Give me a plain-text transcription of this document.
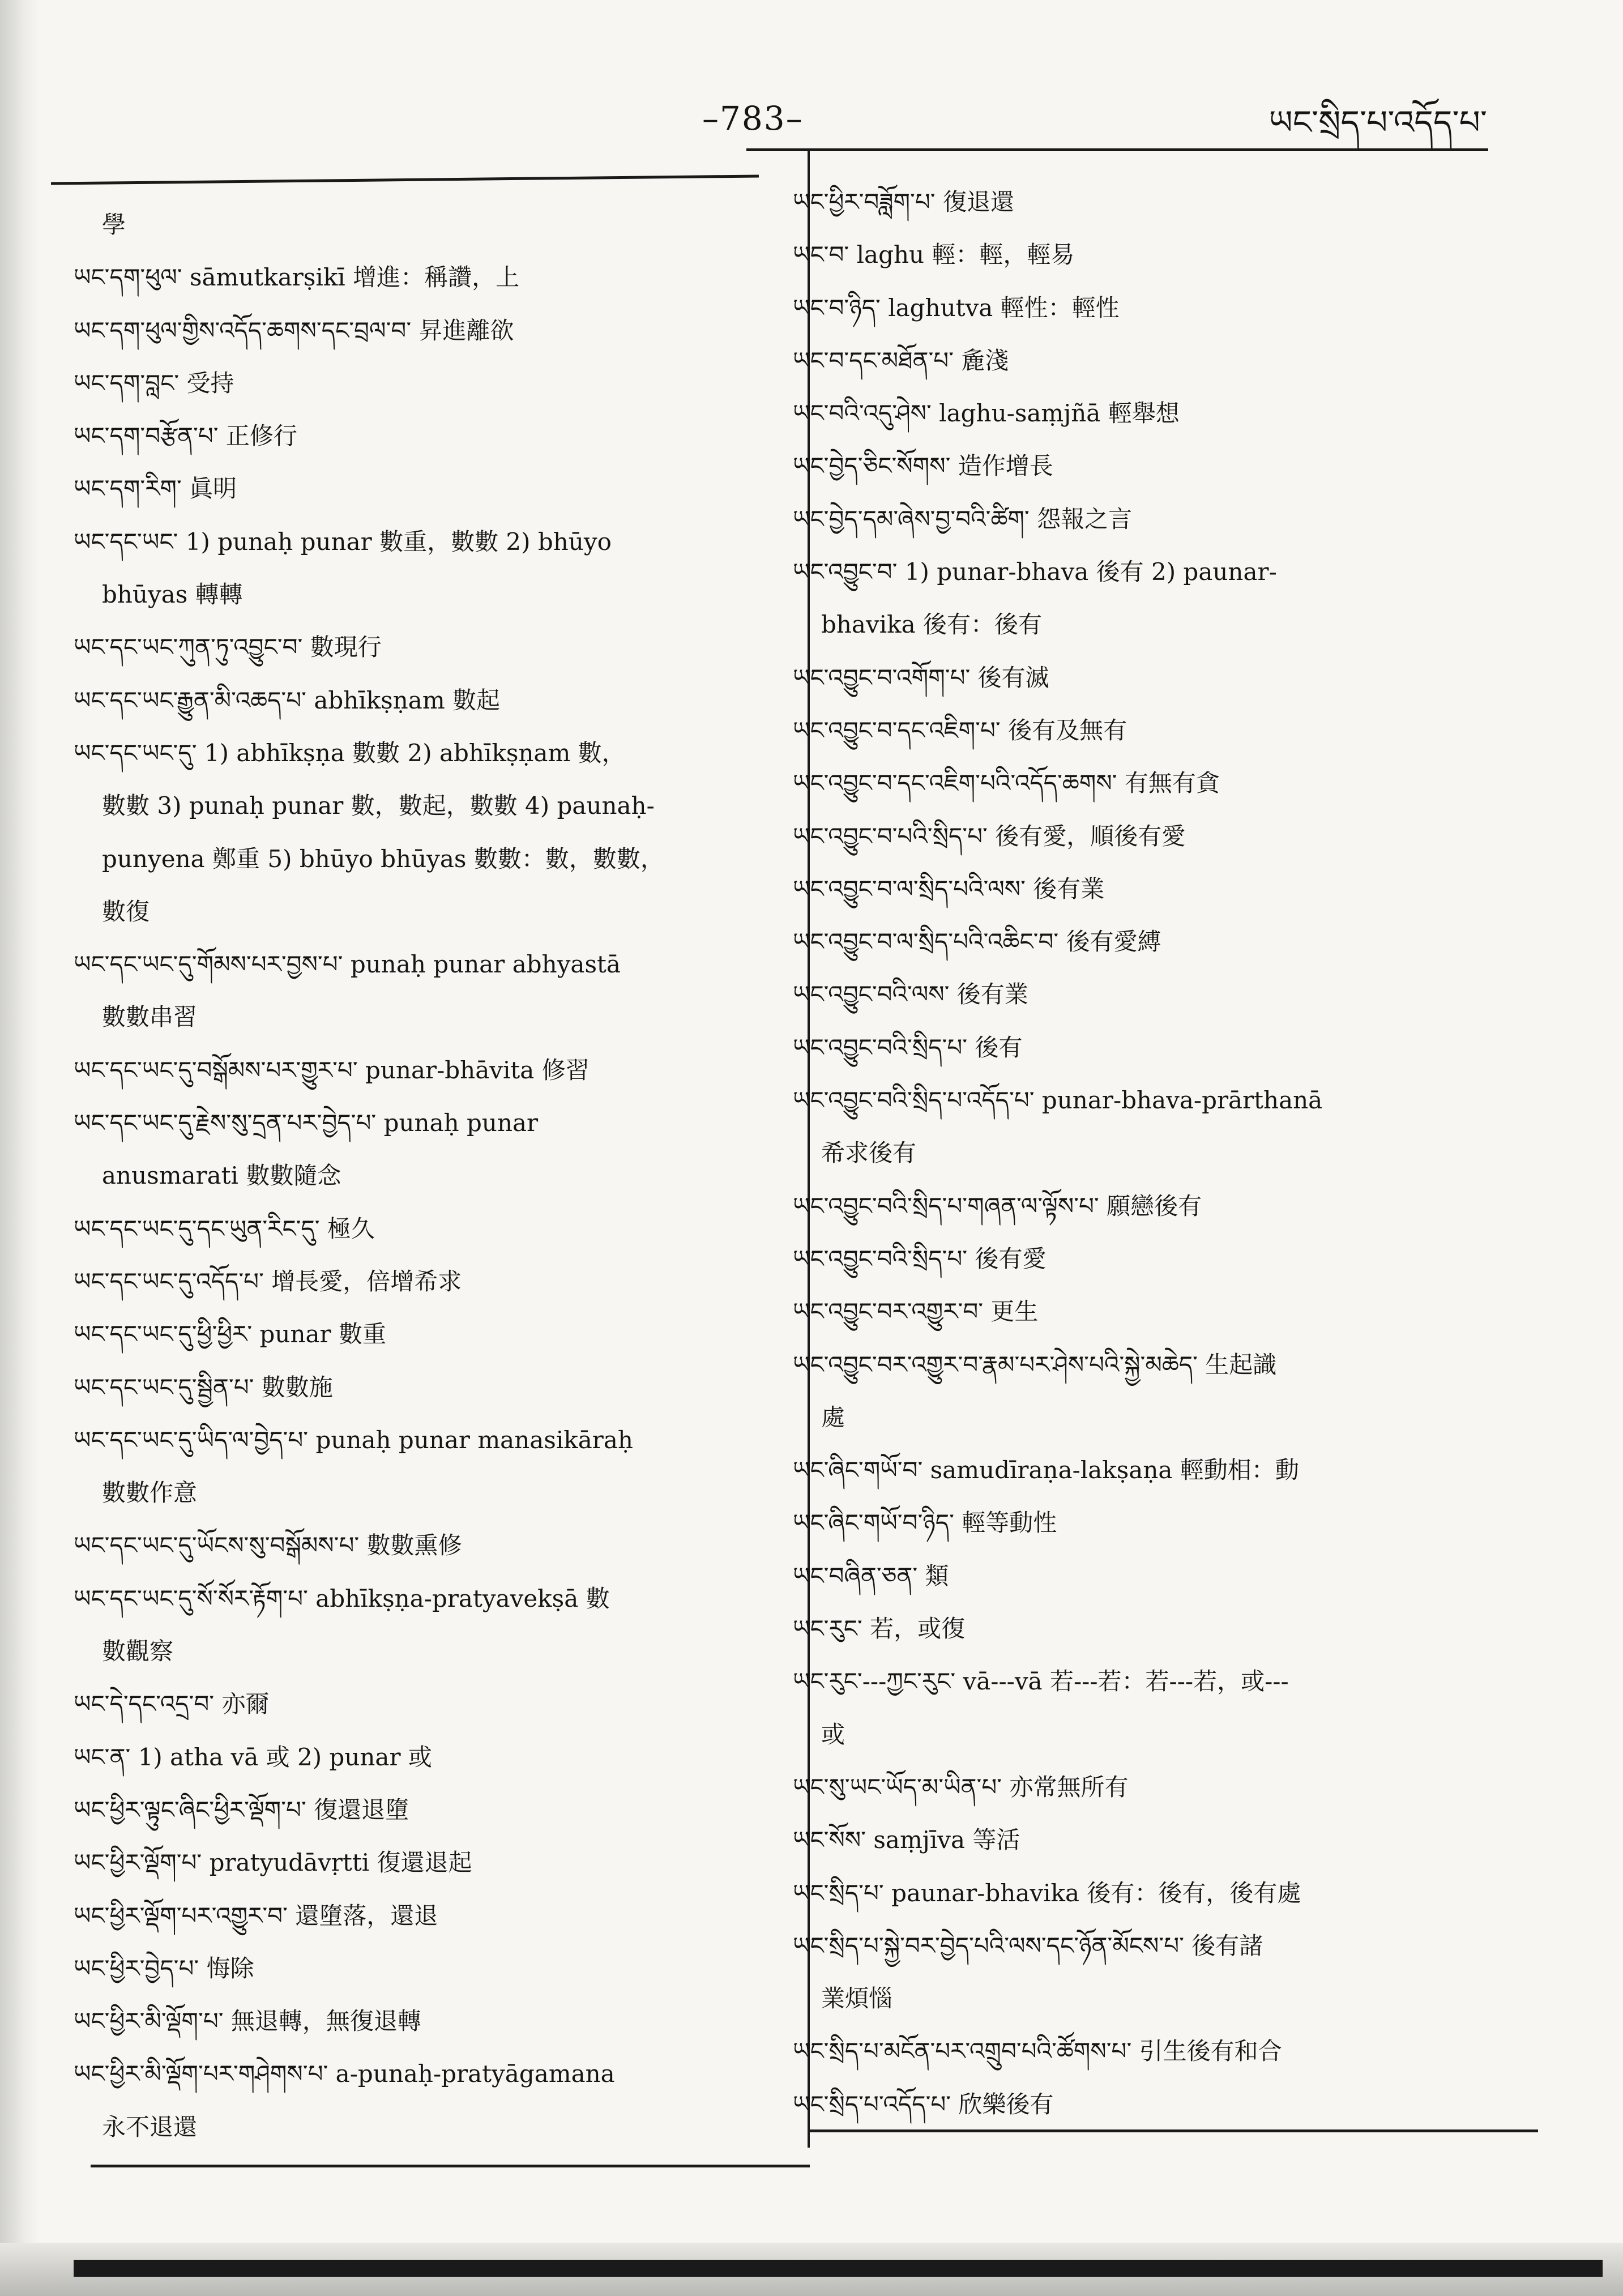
–783–	ཡང་སྲིད་པ་འདོད་པ་
學
ཡང་དག་ཕུལ་ sāmutkarṣikī 增進：稱讚，上
ཡང་དག་ཕུལ་གྱིས་འདོད་ཆགས་དང་བྲལ་བ་ 昇進離欲
ཡང་དག་བླང་ 受持
ཡང་དག་བརྩོན་པ་ 正修行
ཡང་དག་རིག་ 眞明
ཡང་དང་ཡང་ 1) punaḥ punar 數重，數數 2) bhūyo
bhūyas 轉轉
ཡང་དང་ཡང་ཀུན་ཏུ་འབྱུང་བ་ 數現行
ཡང་དང་ཡང་རྒྱུན་མི་འཆད་པ་ abhīkṣṇam 數起
ཡང་དང་ཡང་དུ་ 1) abhīkṣṇa 數數 2) abhīkṣṇam 數，
數數 3) punaḥ punar 數，數起，數數 4) paunaḥ-
punyena 鄭重 5) bhūyo bhūyas 數數：數，數數，
數復
ཡང་དང་ཡང་དུ་གོམས་པར་བྱས་པ་ punaḥ punar abhyastā
數數串習
ཡང་དང་ཡང་དུ་བསྒོམས་པར་གྱུར་པ་ punar-bhāvita 修習
ཡང་དང་ཡང་དུ་རྗེས་སུ་དྲན་པར་བྱེད་པ་ punaḥ punar
anusmarati 數數隨念
ཡང་དང་ཡང་དུ་དང་ཡུན་རིང་དུ་ 極久
ཡང་དང་ཡང་དུ་འདོད་པ་ 增長愛，倍增希求
ཡང་དང་ཡང་དུ་ཕྱི་ཕྱིར་ punar 數重
ཡང་དང་ཡང་དུ་སྦྱིན་པ་ 數數施
ཡང་དང་ཡང་དུ་ཡིད་ལ་བྱེད་པ་ punaḥ punar manasikāraḥ
數數作意
ཡང་དང་ཡང་དུ་ཡོངས་སུ་བསྒོམས་པ་ 數數熏修
ཡང་དང་ཡང་དུ་སོ་སོར་རྟོག་པ་ abhīkṣṇa-pratyavekṣā 數
數觀察
ཡང་དེ་དང་འདྲ་བ་ 亦爾
ཡང་ན་ 1) atha vā 或 2) punar 或
ཡང་ཕྱིར་ལྟུང་ཞིང་ཕྱིར་ལྡོག་པ་ 復還退墮
ཡང་ཕྱིར་ལྡོག་པ་ pratyudāvṛtti 復還退起
ཡང་ཕྱིར་ལྡོག་པར་འགྱུར་བ་ 還墮落，還退
ཡང་ཕྱིར་བྱེད་པ་ 悔除
ཡང་ཕྱིར་མི་ལྡོག་པ་ 無退轉，無復退轉
ཡང་ཕྱིར་མི་ལྡོག་པར་གཤེགས་པ་ a-punaḥ-pratyāgamana
永不退還
ཡང་ཕྱིར་བཟློག་པ་ 復退還
ཡང་བ་ laghu 輕：輕，輕易
ཡང་བ་ཉིད་ laghutva 輕性：輕性
ཡང་བ་དང་མཐོན་པ་ 麁淺
ཡང་བའི་འདུ་ཤེས་ laghu-saṃjñā 輕舉想
ཡང་བྱེད་ཅིང་སོགས་ 造作增長
ཡང་བྱེད་དམ་ཞེས་བྱ་བའི་ཚིག་ 怨報之言
ཡང་འབྱུང་བ་ 1) punar-bhava 後有 2) paunar-
bhavika 後有：後有
ཡང་འབྱུང་བ་འགོག་པ་ 後有滅
ཡང་འབྱུང་བ་དང་འཇིག་པ་ 後有及無有
ཡང་འབྱུང་བ་དང་འཇིག་པའི་འདོད་ཆགས་ 有無有貪
ཡང་འབྱུང་བ་པའི་སྲིད་པ་ 後有愛，順後有愛
ཡང་འབྱུང་བ་ལ་སྲིད་པའི་ལས་ 後有業
ཡང་འབྱུང་བ་ལ་སྲིད་པའི་འཆིང་བ་ 後有愛縛
ཡང་འབྱུང་བའི་ལས་ 後有業
ཡང་འབྱུང་བའི་སྲིད་པ་ 後有
ཡང་འབྱུང་བའི་སྲིད་པ་འདོད་པ་ punar-bhava-prārthanā
希求後有
ཡང་འབྱུང་བའི་སྲིད་པ་གཞན་ལ་ལྟོས་པ་ 願戀後有
ཡང་འབྱུང་བའི་སྲིད་པ་ 後有愛
ཡང་འབྱུང་བར་འགྱུར་བ་ 更生
ཡང་འབྱུང་བར་འགྱུར་བ་རྣམ་པར་ཤེས་པའི་སྐྱེ་མཆེད་ 生起識
處
ཡང་ཞིང་གཡོ་བ་ samudīraṇa-lakṣaṇa 輕動相：動
ཡང་ཞིང་གཡོ་བ་ཉིད་ 輕等動性
ཡང་བཞིན་ཅན་ 類
ཡང་རུང་ 若，或復
ཡང་རུང་---ཀྱང་རུང་ vā---vā 若---若：若---若，或---
或
ཡང་སུ་ཡང་ཡོད་མ་ཡིན་པ་ 亦常無所有
ཡང་སོས་ saṃjīva 等活
ཡང་སྲིད་པ་ paunar-bhavika 後有：後有，後有處
ཡང་སྲིད་པ་སྐྱེ་བར་བྱེད་པའི་ལས་དང་ཉོན་མོངས་པ་ 後有諸
業煩惱
ཡང་སྲིད་པ་མངོན་པར་འགྲུབ་པའི་ཚོགས་པ་ 引生後有和合
ཡང་སྲིད་པ་འདོད་པ་ 欣樂後有
